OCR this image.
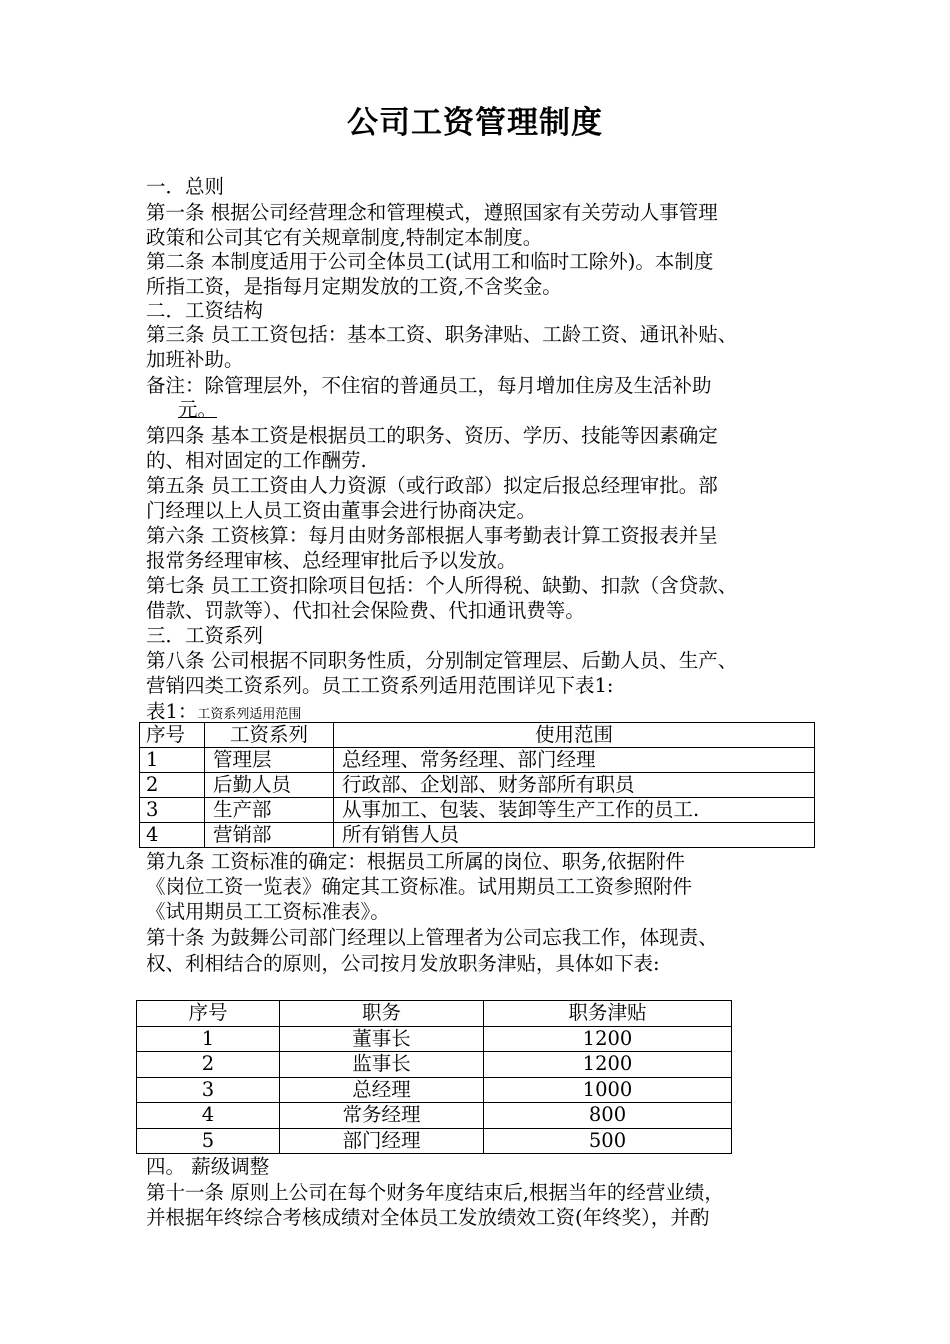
公司工资管理制度
一．总则
第一条 根据公司经营理念和管理模式，遵照国家有关劳动人事管理
政策和公司其它有关规章制度,特制定本制度。
第二条 本制度适用于公司全体员工(试用工和临时工除外)。本制度
所指工资，是指每月定期发放的工资,不含奖金。
二．工资结构
第三条 员工工资包括：基本工资、职务津贴、工龄工资、通讯补贴、
加班补助。
备注：除管理层外，不住宿的普通员工，每月增加住房及生活补助
元。
第四条 基本工资是根据员工的职务、资历、学历、技能等因素确定
的、相对固定的工作酬劳.
第五条 员工工资由人力资源（或行政部）拟定后报总经理审批。部
门经理以上人员工资由董事会进行协商决定。
第六条 工资核算：每月由财务部根据人事考勤表计算工资报表并呈
报常务经理审核、总经理审批后予以发放。
第七条 员工工资扣除项目包括：个人所得税、缺勤、扣款（含贷款、
借款、罚款等）、代扣社会保险费、代扣通讯费等。
三．工资系列
第八条 公司根据不同职务性质，分别制定管理层、后勤人员、生产、
营销四类工资系列。员工工资系列适用范围详见下表1:
表1：工资系列适用范围
序号	工资系列	使用范围
1	管理层	总经理、常务经理、部门经理
2	后勤人员	行政部、企划部、财务部所有职员
3	生产部	从事加工、包装、装卸等生产工作的员工.
4	营销部	所有销售人员
第九条 工资标准的确定：根据员工所属的岗位、职务,依据附件
《岗位工资一览表》确定其工资标准。试用期员工工资参照附件
《试用期员工工资标准表》。
第十条 为鼓舞公司部门经理以上管理者为公司忘我工作，体现责、
权、利相结合的原则，公司按月发放职务津贴，具体如下表:
序号	职务	职务津贴
1	董事长	1200
2	监事长	1200
3	总经理	1000
4	常务经理	800
5	部门经理	500
四。 薪级调整
第十一条 原则上公司在每个财务年度结束后,根据当年的经营业绩，
并根据年终综合考核成绩对全体员工发放绩效工资(年终奖），并酌
